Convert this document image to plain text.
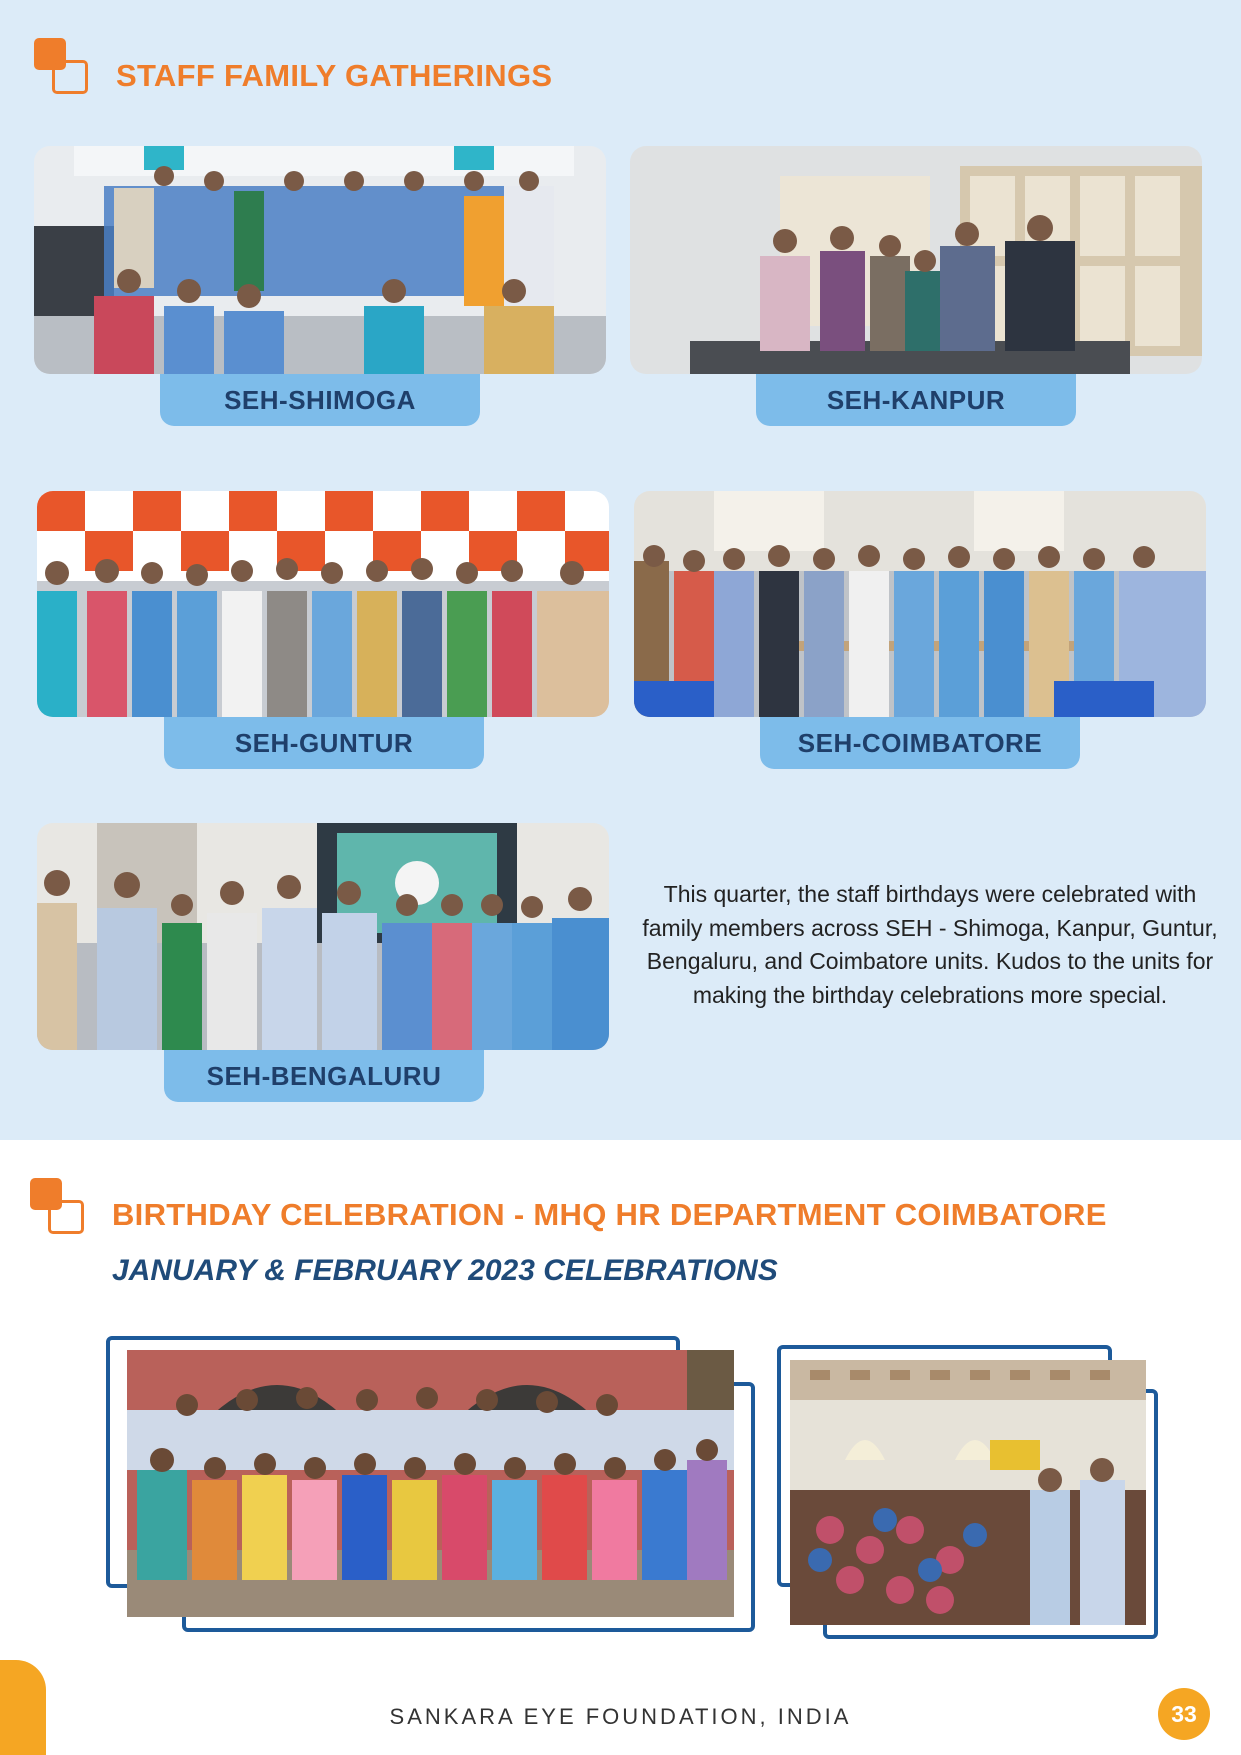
STAFF FAMILY GATHERINGS
SEH-SHIMOGA	SEH-KANPUR
SEH-GUNTUR	SEH-COIMBATORE
SEH-BENGALURU
This quarter, the staff birthdays were celebrated with family members across SEH - Shimoga, Kanpur, Guntur, Bengaluru, and Coimbatore units. Kudos to the units for making the birthday celebrations more special.
BIRTHDAY CELEBRATION - MHQ HR DEPARTMENT COIMBATORE
JANUARY & FEBRUARY 2023 CELEBRATIONS
SANKARA EYE FOUNDATION, INDIA	33
